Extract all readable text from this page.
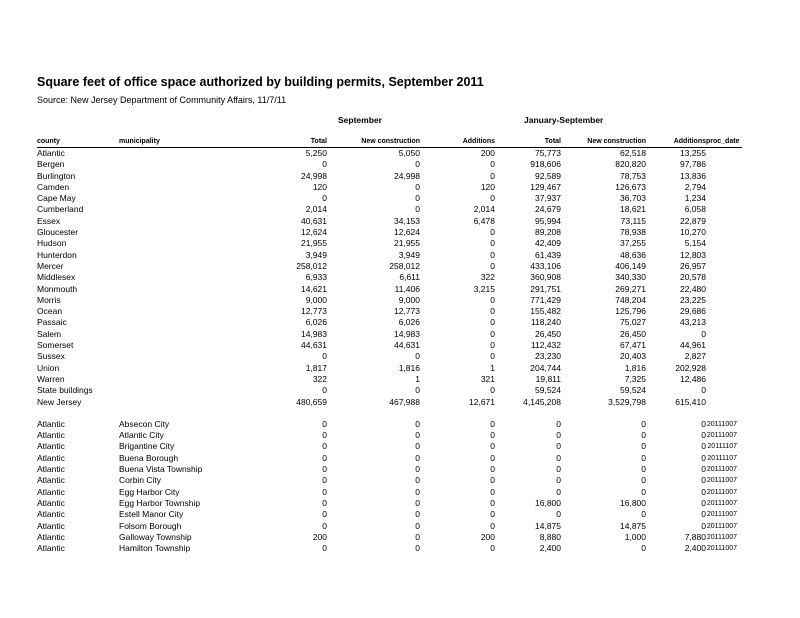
Square feet of office space authorized by building permits, September 2011
Source: New Jersey Department of Community Affairs, 11/7/11
September	January-September
county	municipality	Total	New construction	Additions	Total	New construction	Additions	proc_date
Atlantic		5,250	5,050	200	75,773	62,518	13,255	
Bergen		0	0	0	918,606	820,820	97,786	
Burlington		24,998	24,998	0	92,589	78,753	13,836	
Camden		120	0	120	129,467	126,673	2,794	
Cape May		0	0	0	37,937	36,703	1,234	
Cumberland		2,014	0	2,014	24,679	18,621	6,058	
Essex		40,631	34,153	6,478	95,994	73,115	22,879	
Gloucester		12,624	12,624	0	89,208	78,938	10,270	
Hudson		21,955	21,955	0	42,409	37,255	5,154	
Hunterdon		3,949	3,949	0	61,439	48,636	12,803	
Mercer		258,012	258,012	0	433,106	406,149	26,957	
Middlesex		6,933	6,611	322	360,908	340,330	20,578	
Monmouth		14,621	11,406	3,215	291,751	269,271	22,480	
Morris		9,000	9,000	0	771,429	748,204	23,225	
Ocean		12,773	12,773	0	155,482	125,796	29,686	
Passaic		6,026	6,026	0	118,240	75,027	43,213	
Salem		14,983	14,983	0	26,450	26,450	0	
Somerset		44,631	44,631	0	112,432	67,471	44,961	
Sussex		0	0	0	23,230	20,403	2,827	
Union		1,817	1,816	1	204,744	1,816	202,928	
Warren		322	1	321	19,811	7,325	12,486	
State buildings		0	0	0	59,524	59,524	0	
New Jersey		480,659	467,988	12,671	4,145,208	3,529,798	615,410	

Atlantic	Absecon City	0	0	0	0	0	0	20111007
Atlantic	Atlantic City	0	0	0	0	0	0	20111007
Atlantic	Brigantine City	0	0	0	0	0	0	20111107
Atlantic	Buena Borough	0	0	0	0	0	0	20111107
Atlantic	Buena Vista Township	0	0	0	0	0	0	20111007
Atlantic	Corbin City	0	0	0	0	0	0	20111007
Atlantic	Egg Harbor City	0	0	0	0	0	0	20111007
Atlantic	Egg Harbor Township	0	0	0	16,800	16,800	0	20111007
Atlantic	Estell Manor City	0	0	0	0	0	0	20111007
Atlantic	Folsom Borough	0	0	0	14,875	14,875	0	20111007
Atlantic	Galloway Township	200	0	200	8,880	1,000	7,880	20111007
Atlantic	Hamilton Township	0	0	0	2,400	0	2,400	20111007
